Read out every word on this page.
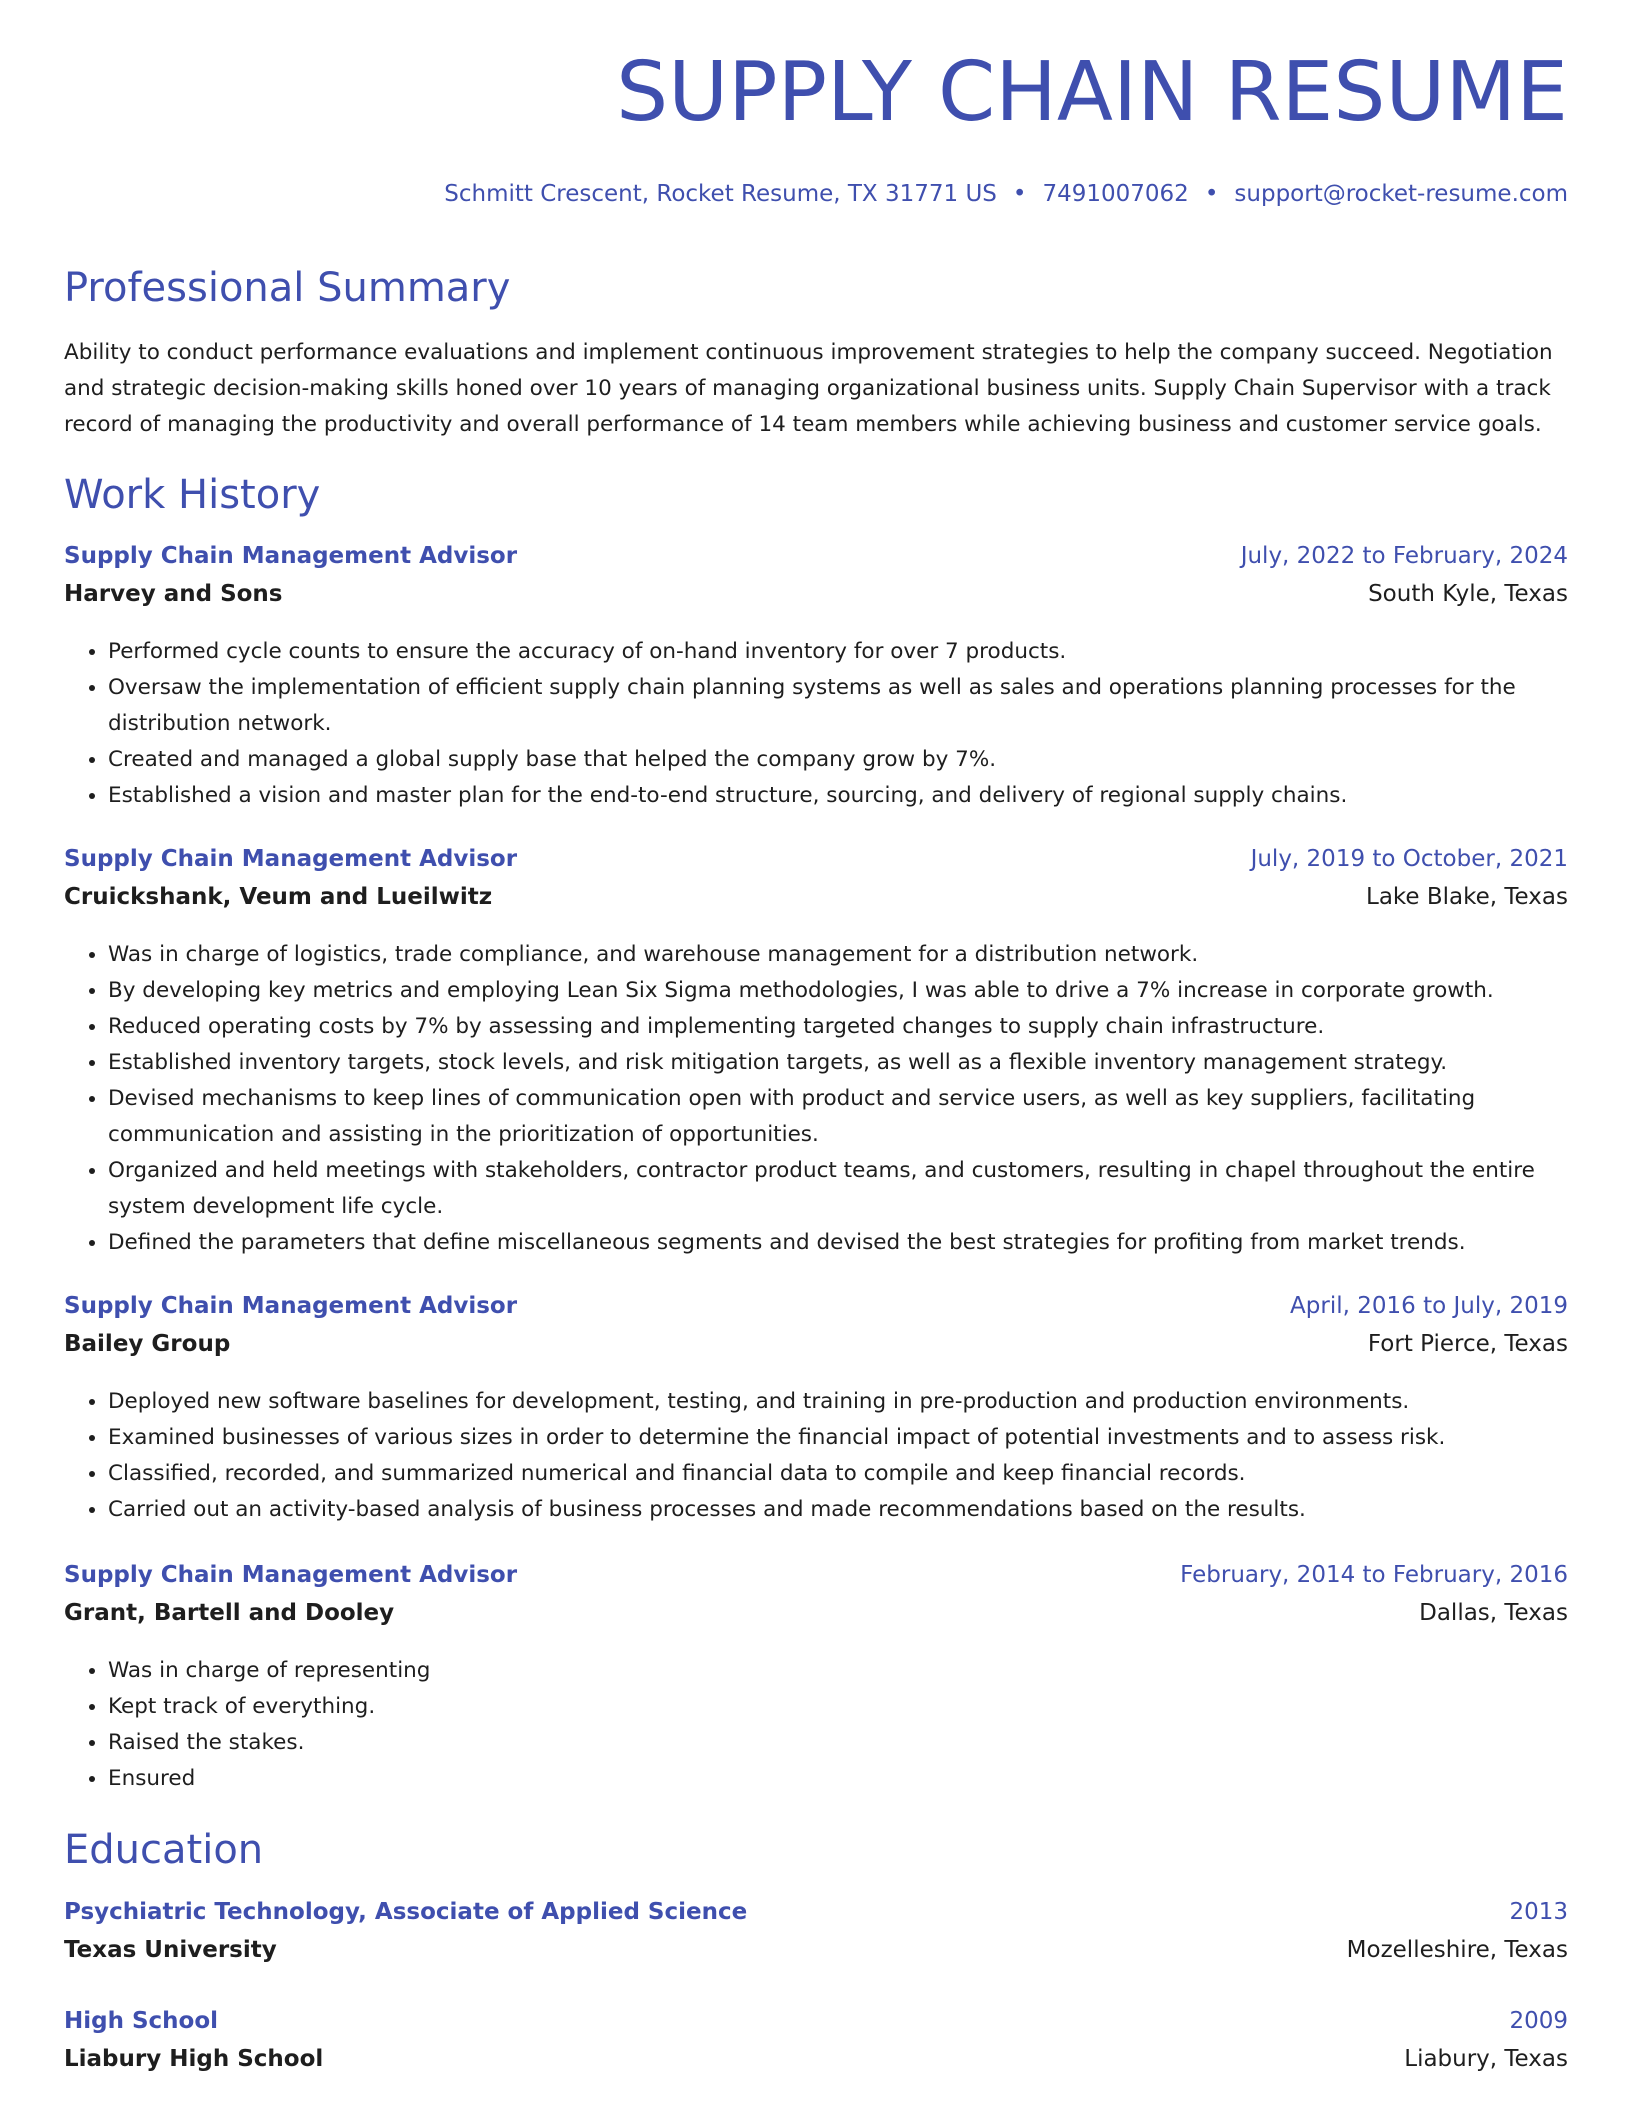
SUPPLY CHAIN RESUME
Schmitt Crescent, Rocket Resume, TX 31771 US • 7491007062 • support@rocket-resume.com
Professional Summary

Ability to conduct performance evaluations and implement continuous improvement strategies to help the company succeed. Negotiation and strategic decision-making skills honed over 10 years of managing organizational business units. Supply Chain Supervisor with a track record of managing the productivity and overall performance of 14 team members while achieving business and customer service goals.

Work History
Supply Chain Management Advisor	July, 2022 to February, 2024
Harvey and Sons	South Kyle, Texas
• Performed cycle counts to ensure the accuracy of on-hand inventory for over 7 products.
• Oversaw the implementation of efficient supply chain planning systems as well as sales and operations planning processes for the distribution network.
• Created and managed a global supply base that helped the company grow by 7%.
• Established a vision and master plan for the end-to-end structure, sourcing, and delivery of regional supply chains.
Supply Chain Management Advisor	July, 2019 to October, 2021
Cruickshank, Veum and Lueilwitz	Lake Blake, Texas
• Was in charge of logistics, trade compliance, and warehouse management for a distribution network.
• By developing key metrics and employing Lean Six Sigma methodologies, I was able to drive a 7% increase in corporate growth.
• Reduced operating costs by 7% by assessing and implementing targeted changes to supply chain infrastructure.
• Established inventory targets, stock levels, and risk mitigation targets, as well as a flexible inventory management strategy.
• Devised mechanisms to keep lines of communication open with product and service users, as well as key suppliers, facilitating communication and assisting in the prioritization of opportunities.
• Organized and held meetings with stakeholders, contractor product teams, and customers, resulting in chapel throughout the entire system development life cycle.
• Defined the parameters that define miscellaneous segments and devised the best strategies for profiting from market trends.
Supply Chain Management Advisor	April, 2016 to July, 2019
Bailey Group	Fort Pierce, Texas
• Deployed new software baselines for development, testing, and training in pre-production and production environments.
• Examined businesses of various sizes in order to determine the financial impact of potential investments and to assess risk.
• Classified, recorded, and summarized numerical and financial data to compile and keep financial records.
• Carried out an activity-based analysis of business processes and made recommendations based on the results.
Supply Chain Management Advisor	February, 2014 to February, 2016
Grant, Bartell and Dooley	Dallas, Texas
• Was in charge of representing
• Kept track of everything.
• Raised the stakes.
• Ensured
Education
Psychiatric Technology, Associate of Applied Science	2013
Texas University	Mozelleshire, Texas
High School	2009
Liabury High School	Liabury, Texas
